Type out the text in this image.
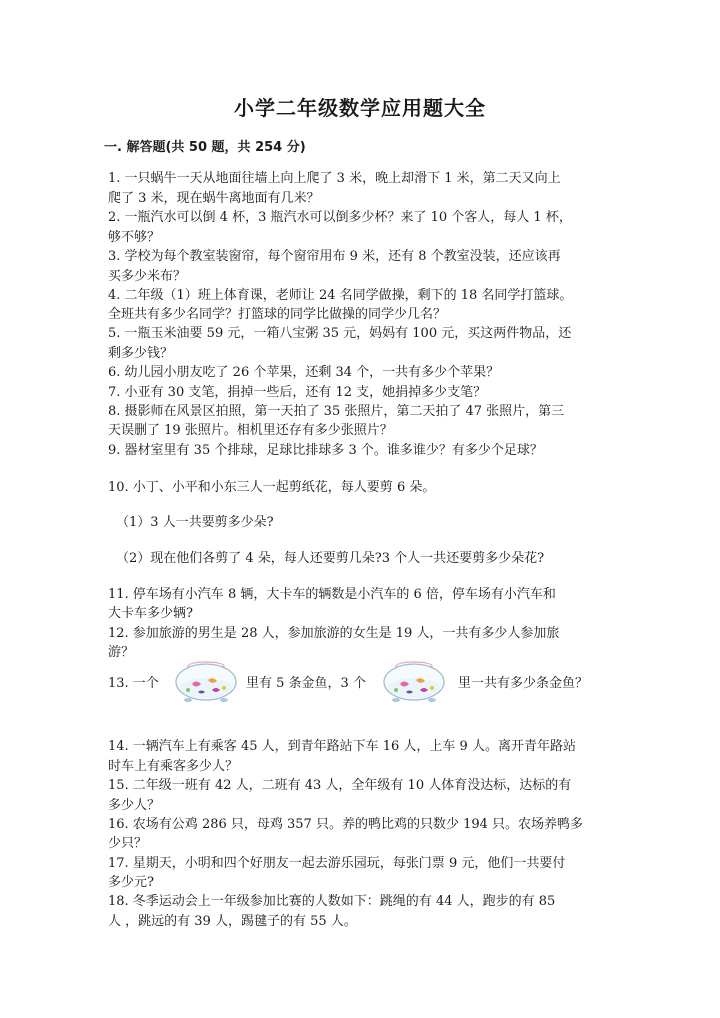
小学二年级数学应用题大全
一. 解答题(共 50 题，共 254 分)
1. 一只蜗牛一天从地面往墙上向上爬了 3 米，晚上却滑下 1 米，第二天又向上
爬了 3 米，现在蜗牛离地面有几米？
2. 一瓶汽水可以倒 4 杯，3 瓶汽水可以倒多少杯？来了 10 个客人，每人 1 杯，
够不够？
3. 学校为每个教室装窗帘，每个窗帘用布 9 米，还有 8 个教室没装，还应该再
买多少米布？
4. 二年级（1）班上体育课，老师让 24 名同学做操，剩下的 18 名同学打篮球。
全班共有多少名同学？打篮球的同学比做操的同学少几名？
5. 一瓶玉米油要 59 元，一箱八宝粥 35 元，妈妈有 100 元，买这两件物品，还
剩多少钱？
6. 幼儿园小朋友吃了 26 个苹果，还剩 34 个，一共有多少个苹果？
7. 小亚有 30 支笔，捐掉一些后，还有 12 支，她捐掉多少支笔？
8. 摄影师在风景区拍照，第一天拍了 35 张照片，第二天拍了 47 张照片，第三
天误删了 19 张照片。相机里还存有多少张照片？
9. 器材室里有 35 个排球，足球比排球多 3 个。谁多谁少？有多少个足球？
10. 小丁、小平和小东三人一起剪纸花，每人要剪 6 朵。
（1）3 人一共要剪多少朵?
（2）现在他们各剪了 4 朵，每人还要剪几朵?3 个人一共还要剪多少朵花?
11. 停车场有小汽车 8 辆，大卡车的辆数是小汽车的 6 倍，停车场有小汽车和
大卡车多少辆?
12. 参加旅游的男生是 28 人，参加旅游的女生是 19 人，一共有多少人参加旅
游？
13. 一个	里有 5 条金鱼，3 个	里一共有多少条金鱼？
14. 一辆汽车上有乘客 45 人，到青年路站下车 16 人，上车 9 人。离开青年路站
时车上有乘客多少人？
15. 二年级一班有 42 人，二班有 43 人，全年级有 10 人体育没达标，达标的有
多少人？
16. 农场有公鸡 286 只，母鸡 357 只。养的鸭比鸡的只数少 194 只。农场养鸭多
少只？
17. 星期天，小明和四个好朋友一起去游乐园玩，每张门票 9 元，他们一共要付
多少元?
18. 冬季运动会上一年级参加比赛的人数如下：跳绳的有 44 人，跑步的有 85
人 ，跳远的有 39 人，踢毽子的有 55 人。
